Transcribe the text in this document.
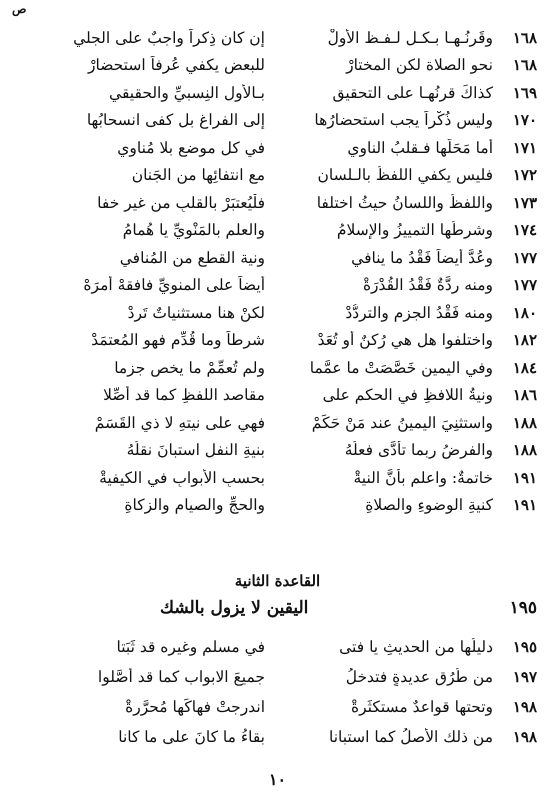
ص
١٦٨
وقَرنُـهـا بـكـل لـفـظ الأولْ
إن كان ذِكراً واجبٌ على الجلي
١٦٨
نحو الصلاة لكنِ المختارْ
للبعض يكفي عُرفاً استحضارْ
١٦٩
كذاكَ قرنُهـا على التحقيقِ
بـالأولِ النِسبيِّ والحقيقي
١٧٠
وليس ذُكْراً يجب استحضارُها
إلى الفراغ بل كفى انسحابُها
١٧١
أما مَحَلُّها فـقلبُ الناوي
في كل موضعٍ بلا مُناوي
١٧٢
فليس يكفي اللفظُ بالـلسانِ
مع انتفائِها من الجَنانِ
١٧٣
واللفظُ واللسانُ حيثُ اختلفا
فلْيُعتبَرْ بالقلبِ من غير خفا
١٧٤
وشرطُها التمييزُ والإسلامُ
والعلم بالمَنْوِيِّ يا هُمامُ
١٧٧
وعُدَّ أيضاً فَقْدُ ما ينافي
ونية القطع من المُنافي
١٧٧
ومنه ردَّةٌ فَقْدُ القُدْرَةْ
أيضاً على المنويِّ فافقهْ أمرَهْ
١٨٠
ومنه فَقْدُ الجزم والتردُّدْ
لكنْ هنا مستثنياتٌ تَرِدْ
١٨٢
واختلفوا هل هي رُكنٌ أو تُعَدْ
شرطاً وما قُدِّم فهو المُعتمَدْ
١٨٤
وفي اليمين خَصَّصَتْ ما عمَّما
ولم تُعمِّمْ ما يخص جزما
١٨٦
ونيةُ اللافظِ في الحكمِ على
مقاصد اللفظِ كما قد أُصِّلا
١٨٨
واستثنِيَ اليمينُ عند مَنْ حَكَمْ
فهي على نيتهِ لا ذي القَسَمْ
١٨٨
والفرضُ ربما تأدَّى فعلُهُ
بنيةِ النفلِ استبانَ نقلُهُ
١٩١
خاتمةٌ: واعلم بأنَّ النيةْ
بحسبِ الأبوابِ في الكيفيةْ
١٩١
كنيةِ الوضوءِ والصلاةِ
والحجِّ والصيامِ والزكاةِ
القاعدة الثانية
١٩٥
اليقين لا يزول بالشك
١٩٥
دليلُها من الحديثِ يا فتى
في مسلمٍ وغيرِه قد ثَبَتا
١٩٧
من طُرُقٍ عديدةٍ فتدخلُ
جميعَ الابواب كما قد أصَّلوا
١٩٨
وتحتها قواعدٌ مستكثَرةْ
اندرجتْ فهاكَها مُحرَّرةْ
١٩٨
من ذلك الأصلُ كما استبانا
بقاءُ ما كانَ على ما كانا
١٠
